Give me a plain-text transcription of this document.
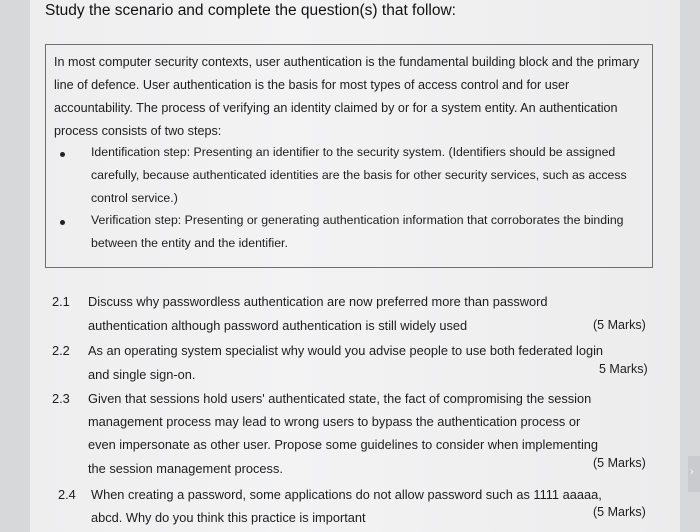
Study the scenario and complete the question(s) that follow:
In most computer security contexts, user authentication is the fundamental building block and the primary line of defence. User authentication is the basis for most types of access control and for user accountability. The process of verifying an identity claimed by or for a system entity. An authentication process consists of two steps:
Identification step: Presenting an identifier to the security system. (Identifiers should be assigned carefully, because authenticated identities are the basis for other security services, such as access control service.)
Verification step: Presenting or generating authentication information that corroborates the binding between the entity and the identifier.
2.1 Discuss why passwordless authentication are now preferred more than password
authentication although password authentication is still widely used	(5 Marks)
2.2 As an operating system specialist why would you advise people to use both federated login
and single sign-on.	5 Marks)
2.3 Given that sessions hold users' authenticated state, the fact of compromising the session
management process may lead to wrong users to bypass the authentication process or
even impersonate as other user. Propose some guidelines to consider when implementing
the session management process.	(5 Marks)
2.4 When creating a password, some applications do not allow password such as 1111 aaaaa,
abcd. Why do you think this practice is important	(5 Marks)
›
